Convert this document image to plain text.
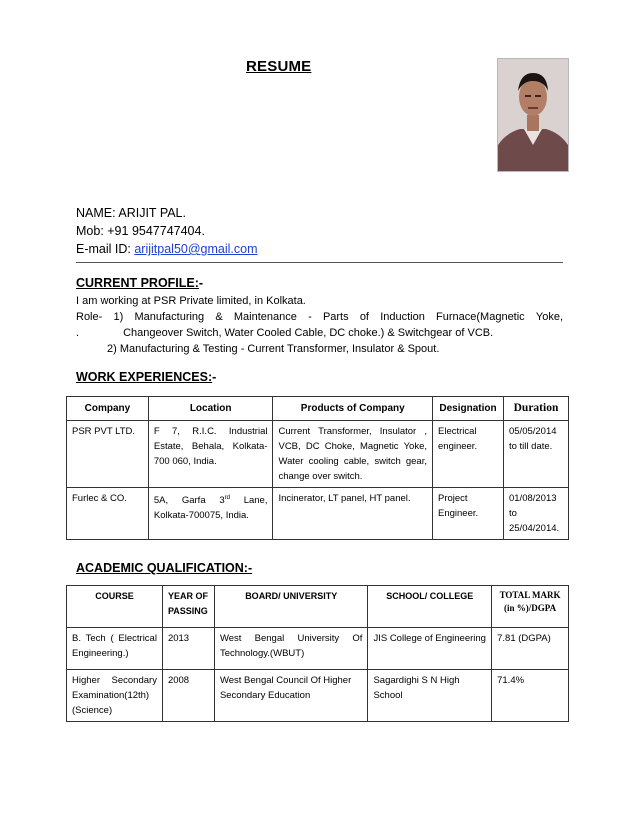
RESUME
NAME: ARIJIT PAL.
Mob: +91 9547747404.
E-mail ID: arijitpal50@gmail.com
CURRENT PROFILE:-
I am working at PSR Private limited, in Kolkata.
Role- 1) Manufacturing & Maintenance - Parts of Induction Furnace(Magnetic Yoke,
.	Changeover Switch, Water Cooled Cable, DC choke.) & Switchgear of VCB.
2) Manufacturing & Testing - Current Transformer, Insulator & Spout.
WORK EXPERIENCES:-
Company	Location	Products of Company	Designation	Duration
PSR PVT LTD.	F 7, R.I.C. Industrial Estate, Behala, Kolkata-700 060, India.	Current Transformer, Insulator , VCB, DC Choke, Magnetic Yoke, Water cooling cable, switch gear, change over switch.	Electrical engineer.	05/05/2014 to till date.
Furlec & CO.	5A, Garfa 3rd Lane, Kolkata-700075, India.	Incinerator, LT panel, HT panel.	Project Engineer.	01/08/2013 to 25/04/2014.
ACADEMIC QUALIFICATION:-
COURSE	YEAR OF PASSING	BOARD/ UNIVERSITY	SCHOOL/ COLLEGE	TOTAL MARK (in %)/DGPA
B. Tech ( Electrical Engineering.)	2013	West Bengal University Of Technology.(WBUT)	JIS College of Engineering	7.81 (DGPA)
Higher Secondary Examination(12th) (Science)	2008	West Bengal Council Of Higher Secondary Education	Sagardighi S N High School	71.4%
